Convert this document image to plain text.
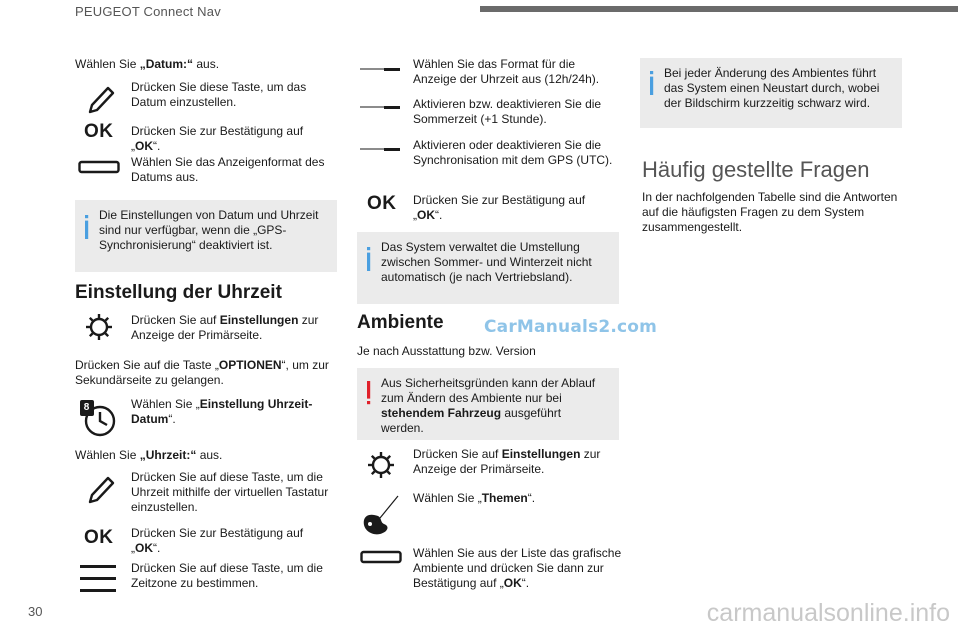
PEUGEOT Connect Nav
Wählen Sie „Datum:“ aus.
Drücken Sie diese Taste, um das Datum einzustellen.
OK Drücken Sie zur Bestätigung auf „OK“.
Wählen Sie das Anzeigenformat des Datums aus.
Die Einstellungen von Datum und Uhrzeit sind nur verfügbar, wenn die „GPS-Synchronisierung“ deaktiviert ist.
Einstellung der Uhrzeit
Drücken Sie auf Einstellungen zur Anzeige der Primärseite.
Drücken Sie auf die Taste „OPTIONEN“, um zur Sekundärseite zu gelangen.
8	Wählen Sie „Einstellung Uhrzeit-Datum“.
Wählen Sie „Uhrzeit:“ aus.
Drücken Sie auf diese Taste, um die Uhrzeit mithilfe der virtuellen Tastatur einzustellen.
OK Drücken Sie zur Bestätigung auf „OK“.
Drücken Sie auf diese Taste, um die Zeitzone zu bestimmen.
Wählen Sie das Format für die Anzeige der Uhrzeit aus (12h/24h).
Aktivieren bzw. deaktivieren Sie die Sommerzeit (+1 Stunde).
Aktivieren oder deaktivieren Sie die Synchronisation mit dem GPS (UTC).
OK Drücken Sie zur Bestätigung auf „OK“.
Das System verwaltet die Umstellung zwischen Sommer- und Winterzeit nicht automatisch (je nach Vertriebsland).
Ambiente CarManuals2.com
Je nach Ausstattung bzw. Version
Aus Sicherheitsgründen kann der Ablauf zum Ändern des Ambiente nur bei stehendem Fahrzeug ausgeführt werden.
Drücken Sie auf Einstellungen zur Anzeige der Primärseite.
Wählen Sie „Themen“.
Wählen Sie aus der Liste das grafische Ambiente und drücken Sie dann zur Bestätigung auf „OK“.
Bei jeder Änderung des Ambientes führt das System einen Neustart durch, wobei der Bildschirm kurzzeitig schwarz wird.
Häufig gestellte Fragen
In der nachfolgenden Tabelle sind die Antworten auf die häufigsten Fragen zu dem System zusammengestellt.
30	carmanualsonline.info
